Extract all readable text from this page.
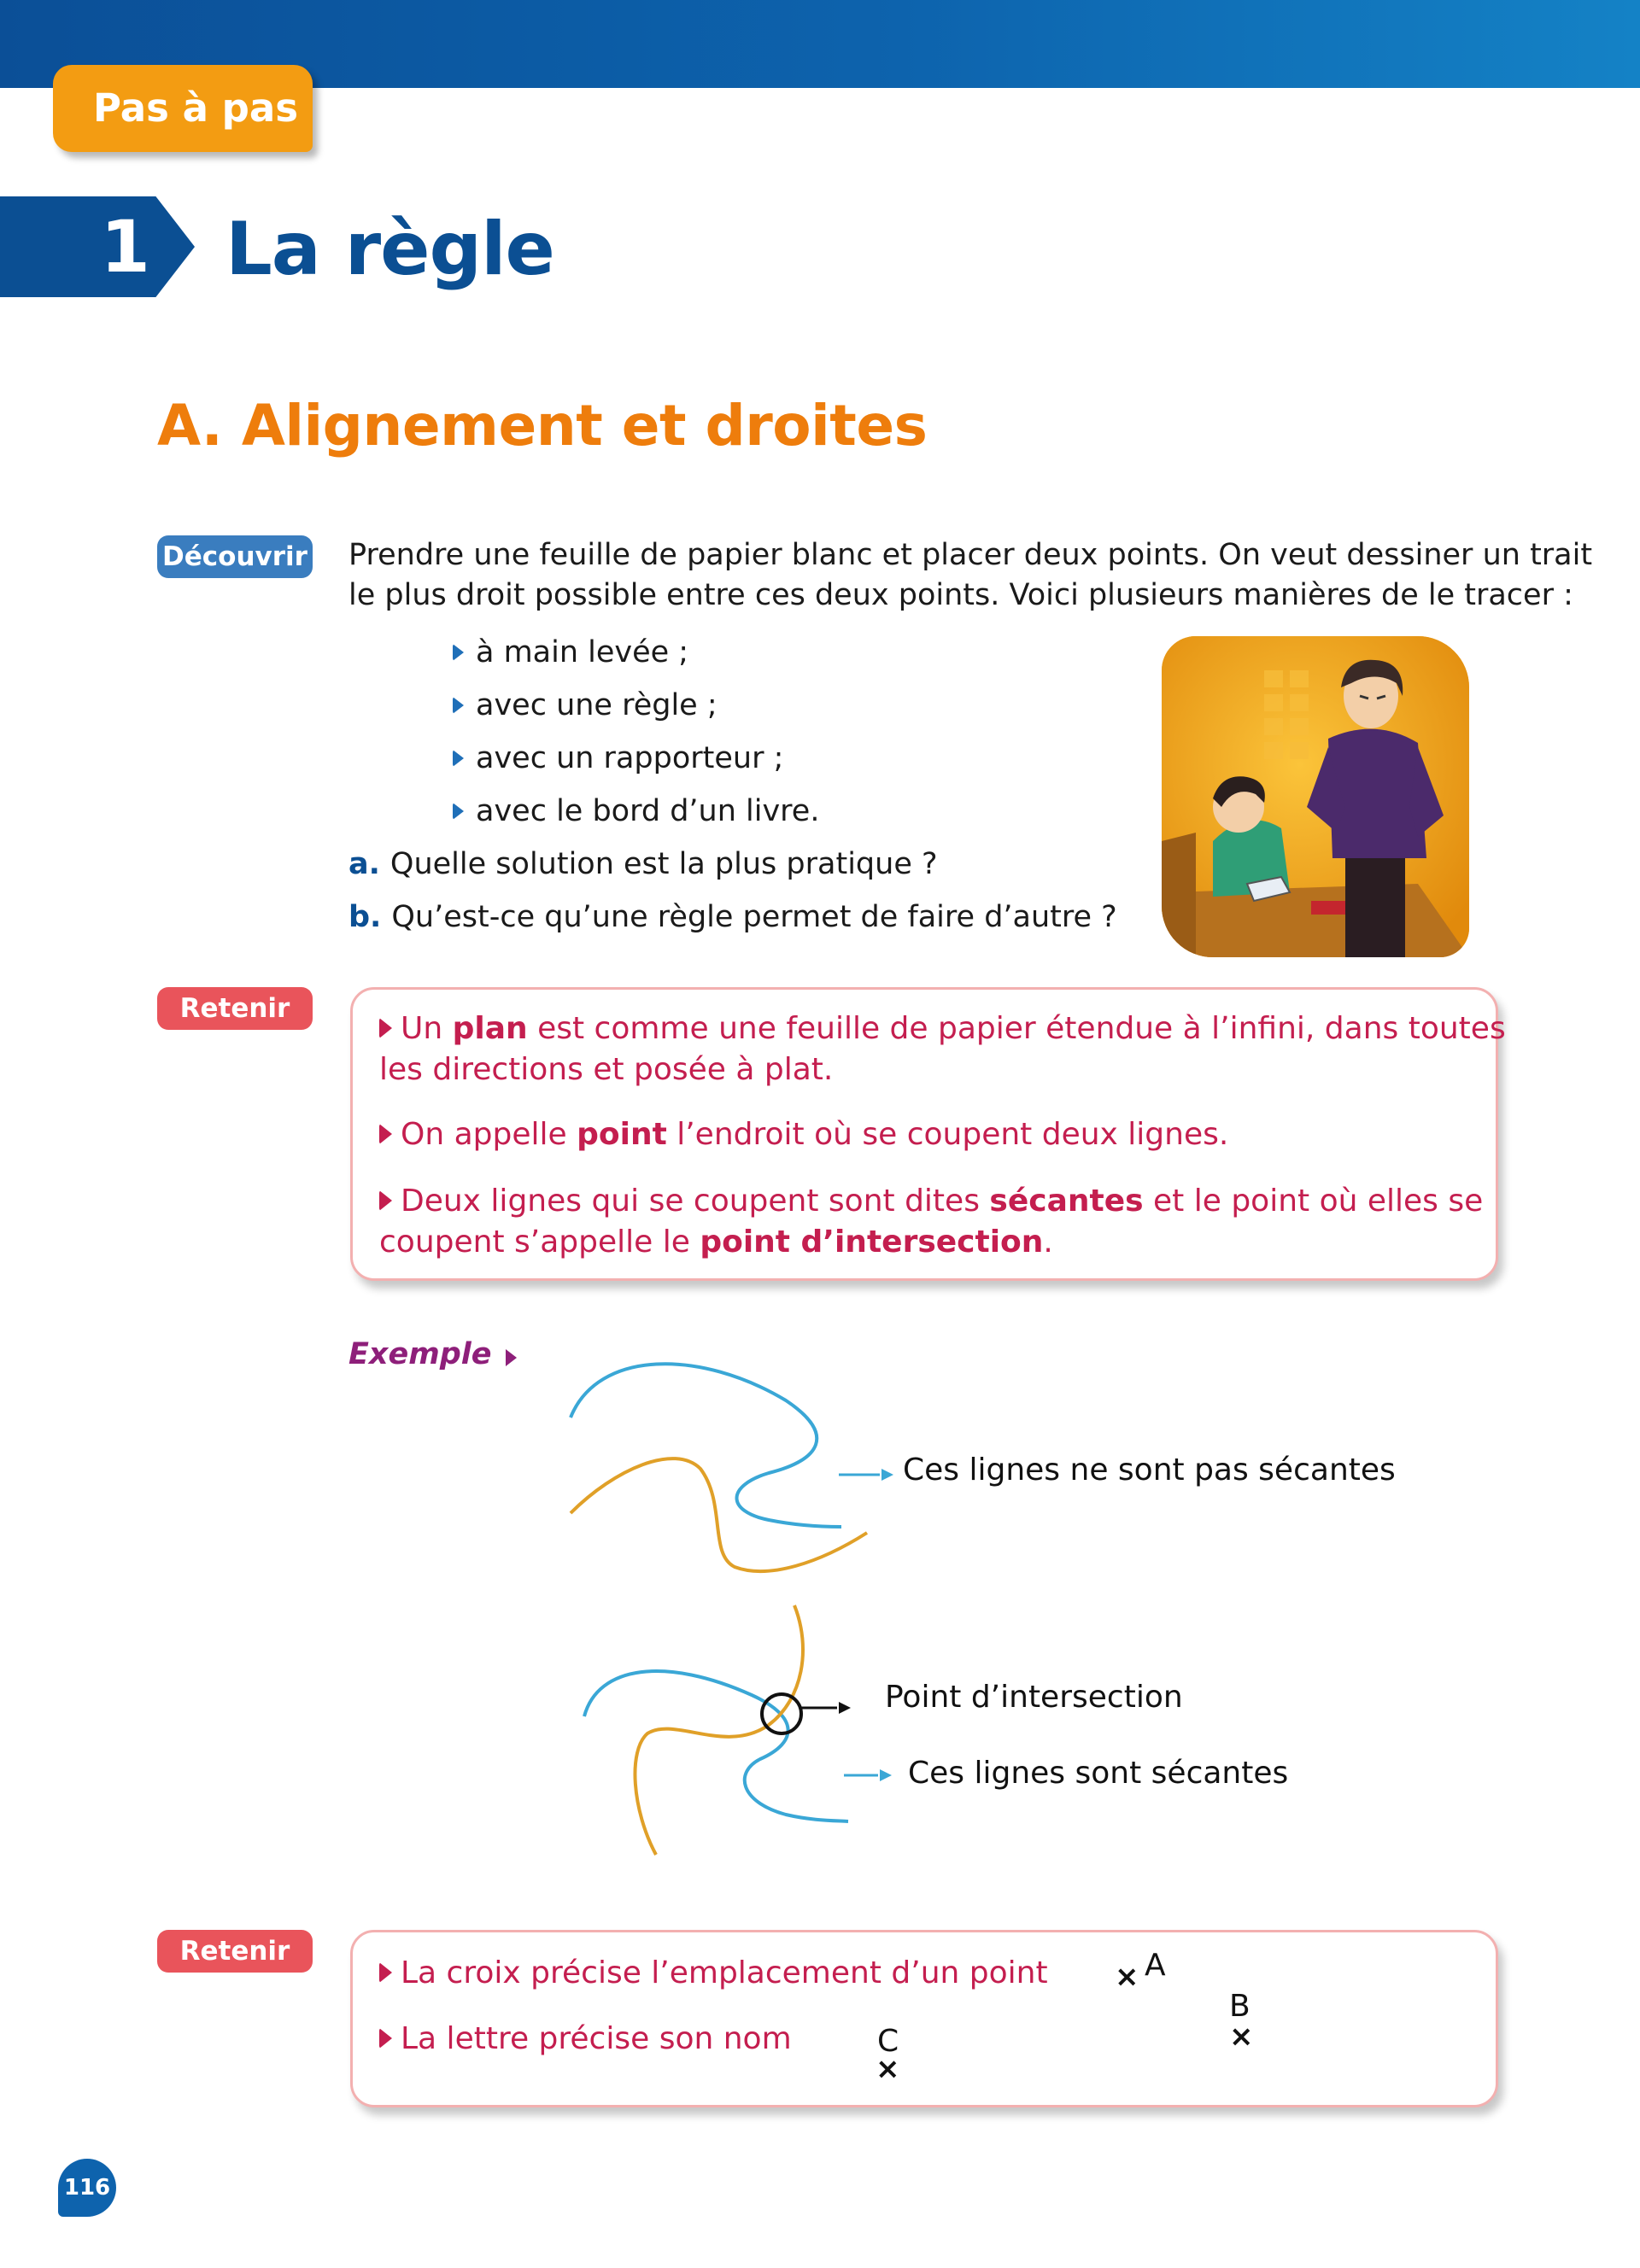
Pas à pas
1 La règle
A. Alignement et droites
Découvrir Prendre une feuille de papier blanc et placer deux points. On veut dessiner un trait
le plus droit possible entre ces deux points. Voici plusieurs manières de le tracer :
à main levée ;
avec une règle ;
avec un rapporteur ;
avec le bord d’un livre.
a. Quelle solution est la plus pratique ?
b. Qu’est-ce qu’une règle permet de faire d’autre ?
Retenir
Un plan est comme une feuille de papier étendue à l’infini, dans toutes
les directions et posée à plat.
On appelle point l’endroit où se coupent deux lignes.
Deux lignes qui se coupent sont dites sécantes et le point où elles se
coupent s’appelle le point d’intersection.
Exemple
Ces lignes ne sont pas sécantes
Point d’intersection
Ces lignes sont sécantes
Retenir
La croix précise l’emplacement d’un point
La lettre précise son nom
× A
B
×
C
×
116
